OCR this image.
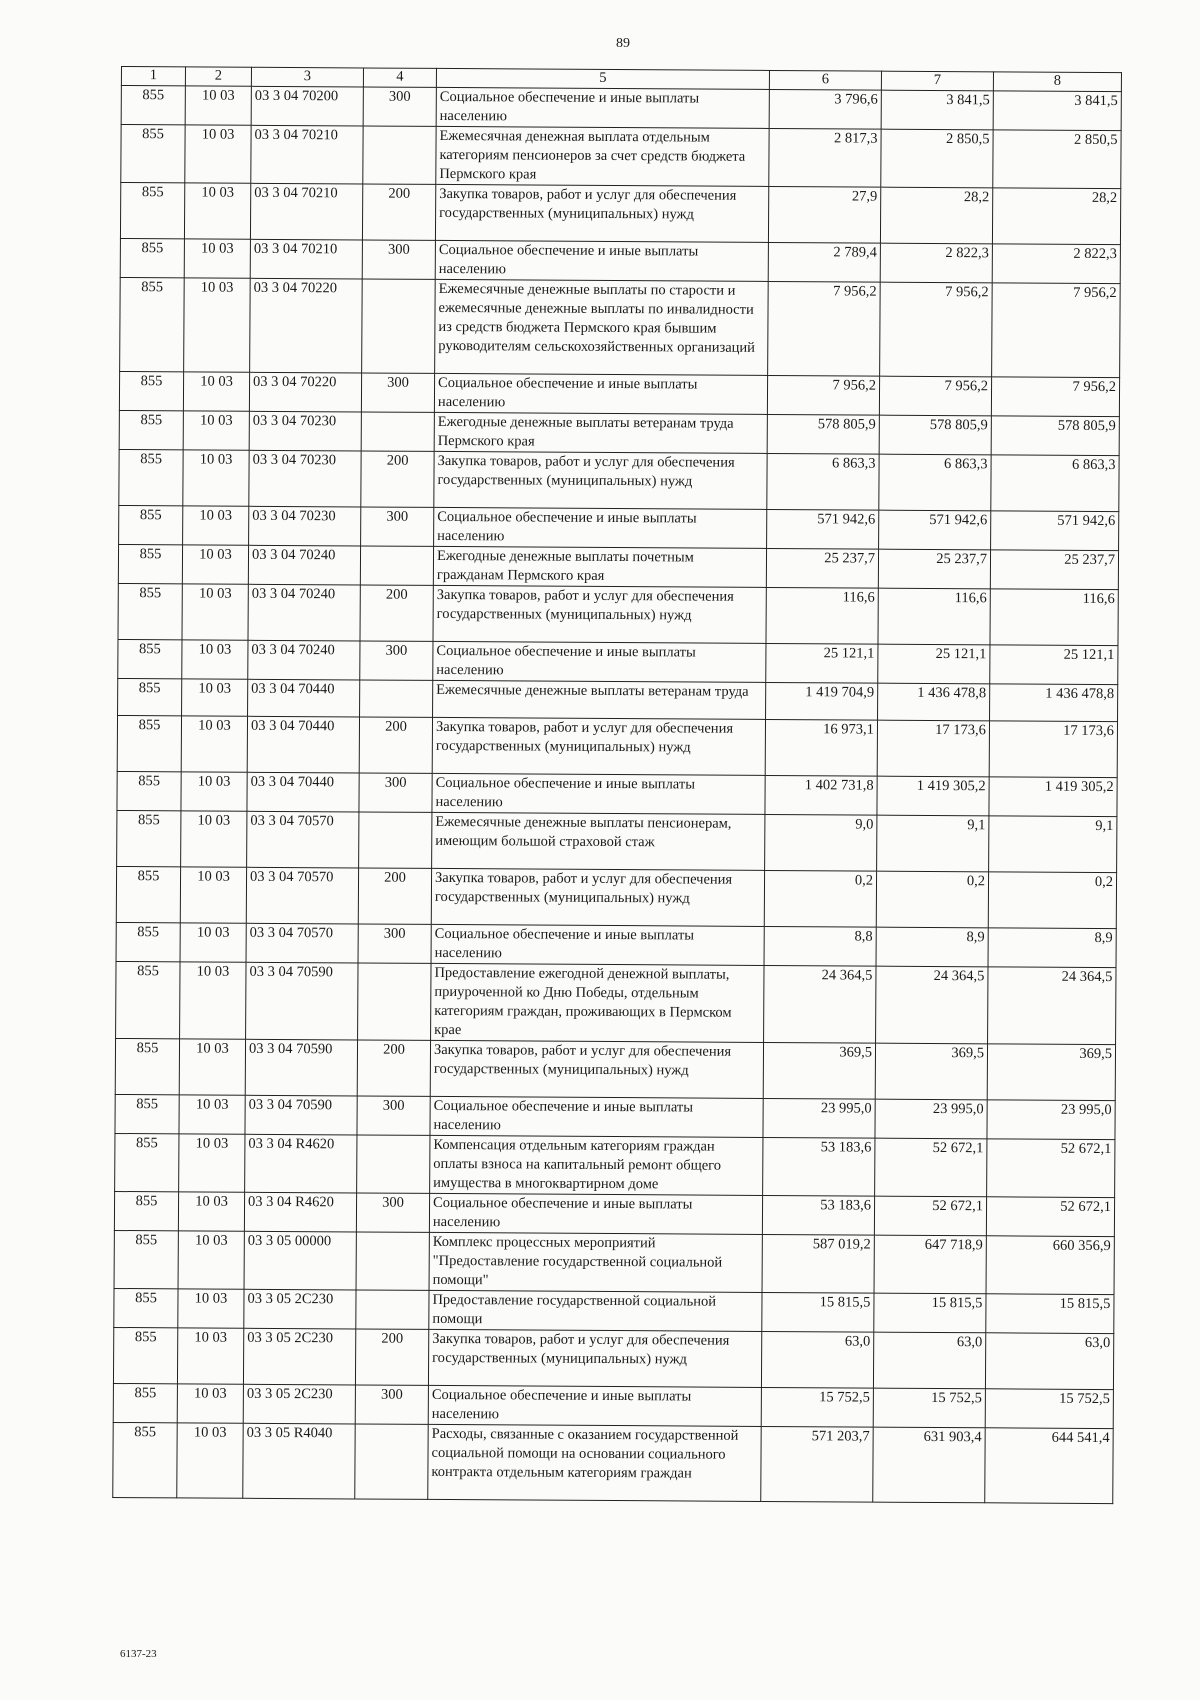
89
1	2	3	4	5	6	7	8
855	10 03	03 3 04 70200	300	Социальное обеспечение и иные выплаты населению	3 796,6	3 841,5	3 841,5
855	10 03	03 3 04 70210		Ежемесячная денежная выплата отдельным категориям пенсионеров за счет средств бюджета Пермского края	2 817,3	2 850,5	2 850,5
855	10 03	03 3 04 70210	200	Закупка товаров, работ и услуг для обеспечения государственных (муниципальных) нужд	27,9	28,2	28,2
855	10 03	03 3 04 70210	300	Социальное обеспечение и иные выплаты населению	2 789,4	2 822,3	2 822,3
855	10 03	03 3 04 70220		Ежемесячные денежные выплаты по старости и ежемесячные денежные выплаты по инвалидности из средств бюджета Пермского края бывшим руководителям сельскохозяйственных организаций	7 956,2	7 956,2	7 956,2
855	10 03	03 3 04 70220	300	Социальное обеспечение и иные выплаты населению	7 956,2	7 956,2	7 956,2
855	10 03	03 3 04 70230		Ежегодные денежные выплаты ветеранам труда Пермского края	578 805,9	578 805,9	578 805,9
855	10 03	03 3 04 70230	200	Закупка товаров, работ и услуг для обеспечения государственных (муниципальных) нужд	6 863,3	6 863,3	6 863,3
855	10 03	03 3 04 70230	300	Социальное обеспечение и иные выплаты населению	571 942,6	571 942,6	571 942,6
855	10 03	03 3 04 70240		Ежегодные денежные выплаты почетным гражданам Пермского края	25 237,7	25 237,7	25 237,7
855	10 03	03 3 04 70240	200	Закупка товаров, работ и услуг для обеспечения государственных (муниципальных) нужд	116,6	116,6	116,6
855	10 03	03 3 04 70240	300	Социальное обеспечение и иные выплаты населению	25 121,1	25 121,1	25 121,1
855	10 03	03 3 04 70440		Ежемесячные денежные выплаты ветеранам труда	1 419 704,9	1 436 478,8	1 436 478,8
855	10 03	03 3 04 70440	200	Закупка товаров, работ и услуг для обеспечения государственных (муниципальных) нужд	16 973,1	17 173,6	17 173,6
855	10 03	03 3 04 70440	300	Социальное обеспечение и иные выплаты населению	1 402 731,8	1 419 305,2	1 419 305,2
855	10 03	03 3 04 70570		Ежемесячные денежные выплаты пенсионерам, имеющим большой страховой стаж	9,0	9,1	9,1
855	10 03	03 3 04 70570	200	Закупка товаров, работ и услуг для обеспечения государственных (муниципальных) нужд	0,2	0,2	0,2
855	10 03	03 3 04 70570	300	Социальное обеспечение и иные выплаты населению	8,8	8,9	8,9
855	10 03	03 3 04 70590		Предоставление ежегодной денежной выплаты, приуроченной ко Дню Победы, отдельным категориям граждан, проживающих в Пермском крае	24 364,5	24 364,5	24 364,5
855	10 03	03 3 04 70590	200	Закупка товаров, работ и услуг для обеспечения государственных (муниципальных) нужд	369,5	369,5	369,5
855	10 03	03 3 04 70590	300	Социальное обеспечение и иные выплаты населению	23 995,0	23 995,0	23 995,0
855	10 03	03 3 04 R4620		Компенсация отдельным категориям граждан оплаты взноса на капитальный ремонт общего имущества в многоквартирном доме	53 183,6	52 672,1	52 672,1
855	10 03	03 3 04 R4620	300	Социальное обеспечение и иные выплаты населению	53 183,6	52 672,1	52 672,1
855	10 03	03 3 05 00000		Комплекс процессных мероприятий "Предоставление государственной социальной помощи"	587 019,2	647 718,9	660 356,9
855	10 03	03 3 05 2С230		Предоставление государственной социальной помощи	15 815,5	15 815,5	15 815,5
855	10 03	03 3 05 2С230	200	Закупка товаров, работ и услуг для обеспечения государственных (муниципальных) нужд	63,0	63,0	63,0
855	10 03	03 3 05 2С230	300	Социальное обеспечение и иные выплаты населению	15 752,5	15 752,5	15 752,5
855	10 03	03 3 05 R4040		Расходы, связанные с оказанием государственной социальной помощи на основании социального контракта отдельным категориям граждан	571 203,7	631 903,4	644 541,4
6137-23
